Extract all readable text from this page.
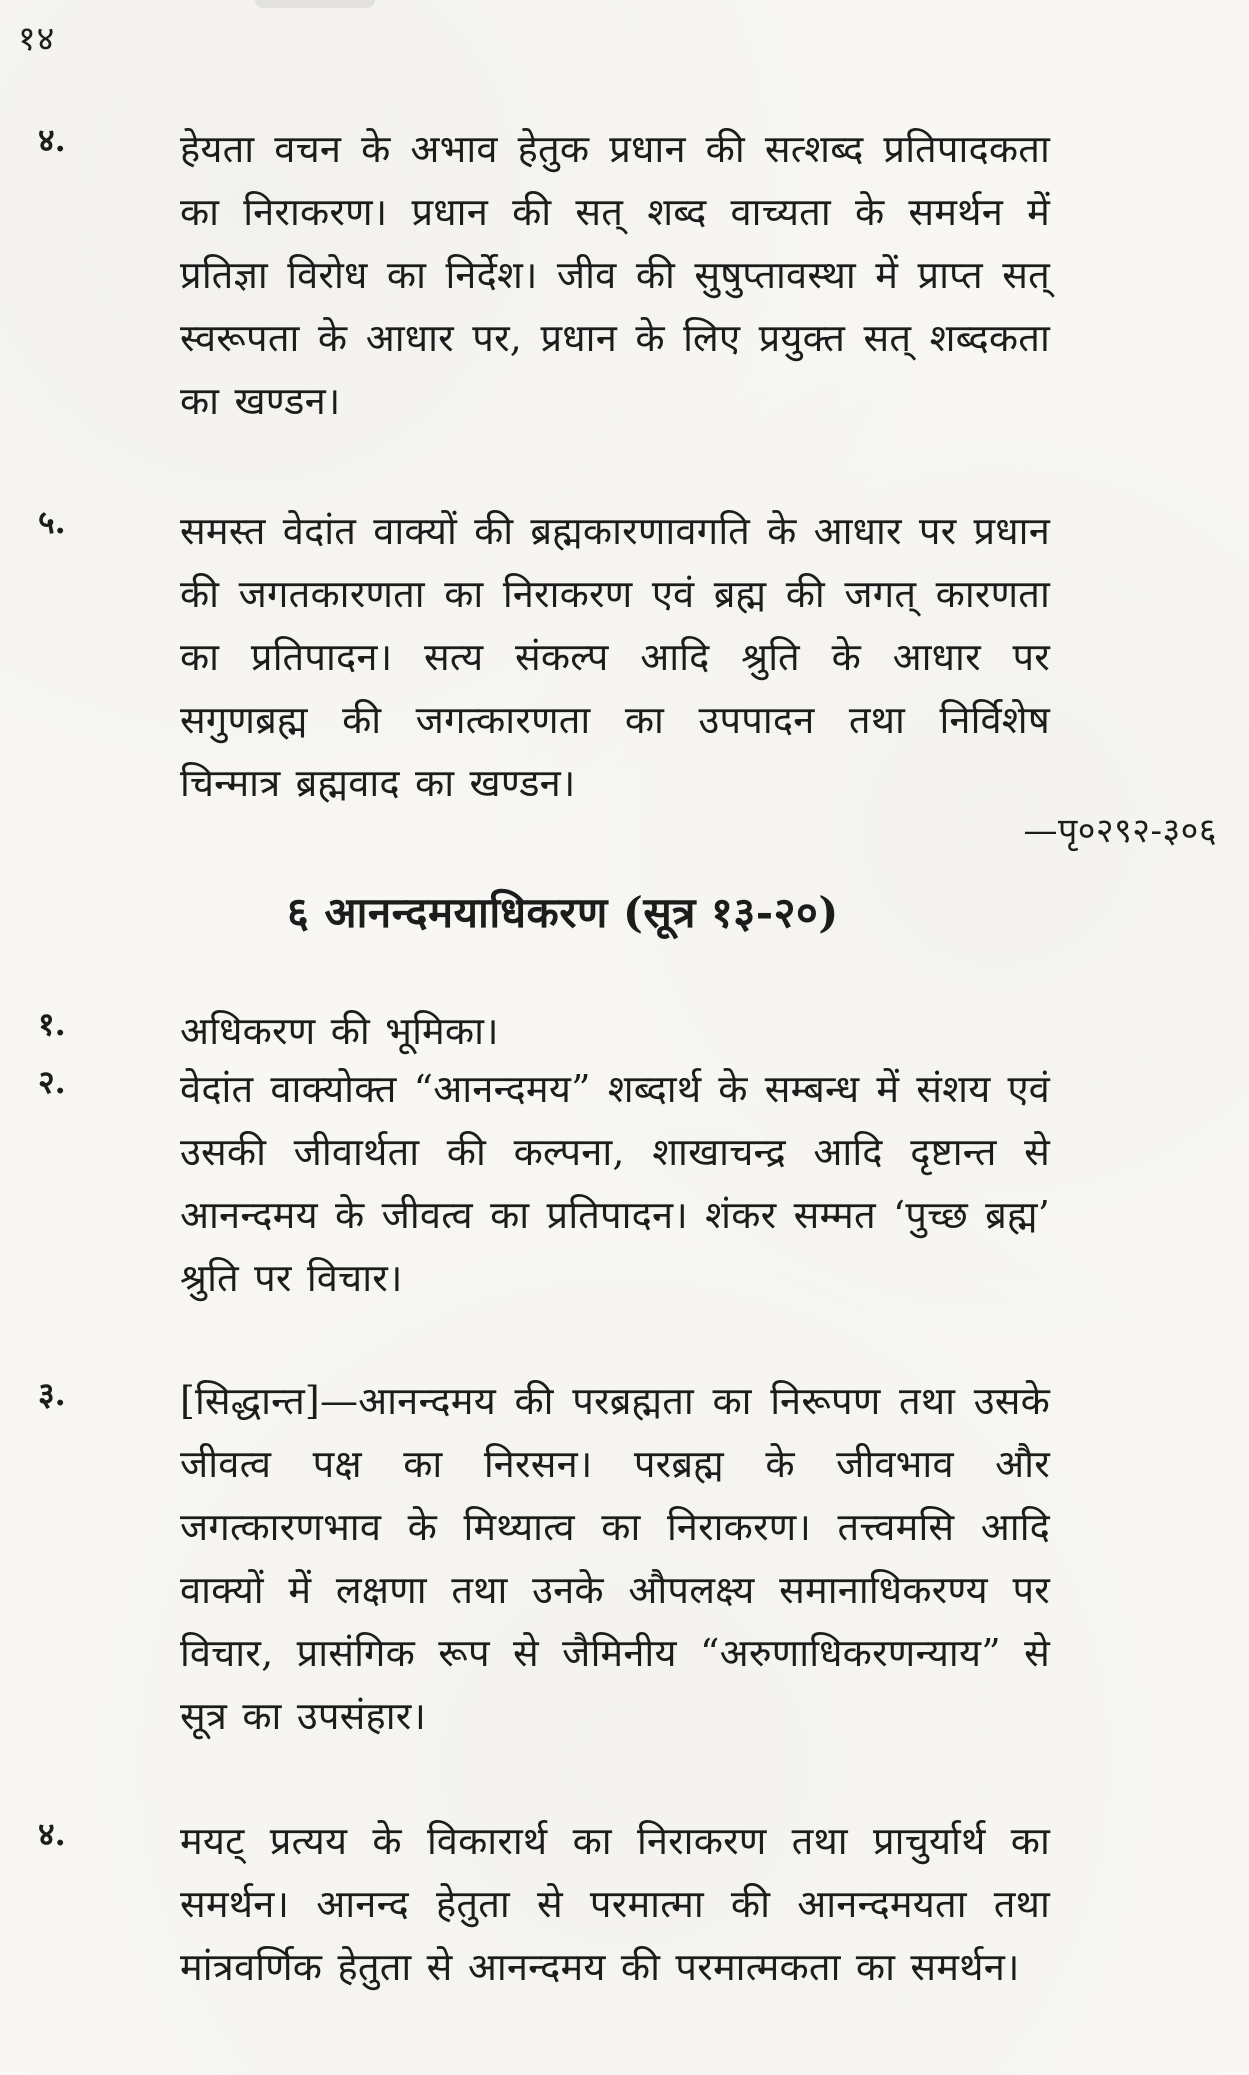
१४
४.	हेयता वचन के अभाव हेतुक प्रधान की सत्शब्द प्रतिपादकता का निराकरण। प्रधान की सत् शब्द वाच्यता के समर्थन में प्रतिज्ञा विरोध का निर्देश। जीव की सुषुप्तावस्था में प्राप्त सत् स्वरूपता के आधार पर, प्रधान के लिए प्रयुक्त सत् शब्दकता का खण्डन।
५.	समस्त वेदांत वाक्यों की ब्रह्मकारणावगति के आधार पर प्रधान की जगतकारणता का निराकरण एवं ब्रह्म की जगत् कारणता का प्रतिपादन। सत्य संकल्प आदि श्रुति के आधार पर सगुणब्रह्म की जगत्कारणता का उपपादन तथा निर्विशेष चिन्मात्र ब्रह्मवाद का खण्डन।
—पृ०२९२-३०६
६ आनन्दमयाधिकरण (सूत्र १३-२०)
१.	अधिकरण की भूमिका।
२.	वेदांत वाक्योक्त “आनन्दमय” शब्दार्थ के सम्बन्ध में संशय एवं उसकी जीवार्थता की कल्पना, शाखाचन्द्र आदि दृष्टान्त से आनन्दमय के जीवत्व का प्रतिपादन। शंकर सम्मत ‘पुच्छ ब्रह्म’ श्रुति पर विचार।
३.	[सिद्धान्त]—आनन्दमय की परब्रह्मता का निरूपण तथा उसके जीवत्व पक्ष का निरसन। परब्रह्म के जीवभाव और जगत्कारणभाव के मिथ्यात्व का निराकरण। तत्त्वमसि आदि वाक्यों में लक्षणा तथा उनके औपलक्ष्य समानाधिकरण्य पर विचार, प्रासंगिक रूप से जैमिनीय “अरुणाधिकरणन्याय” से सूत्र का उपसंहार।
४.	मयट् प्रत्यय के विकारार्थ का निराकरण तथा प्राचुर्यार्थ का समर्थन। आनन्द हेतुता से परमात्मा की आनन्दमयता तथा मांत्रवर्णिक हेतुता से आनन्दमय की परमात्मकता का समर्थन।
